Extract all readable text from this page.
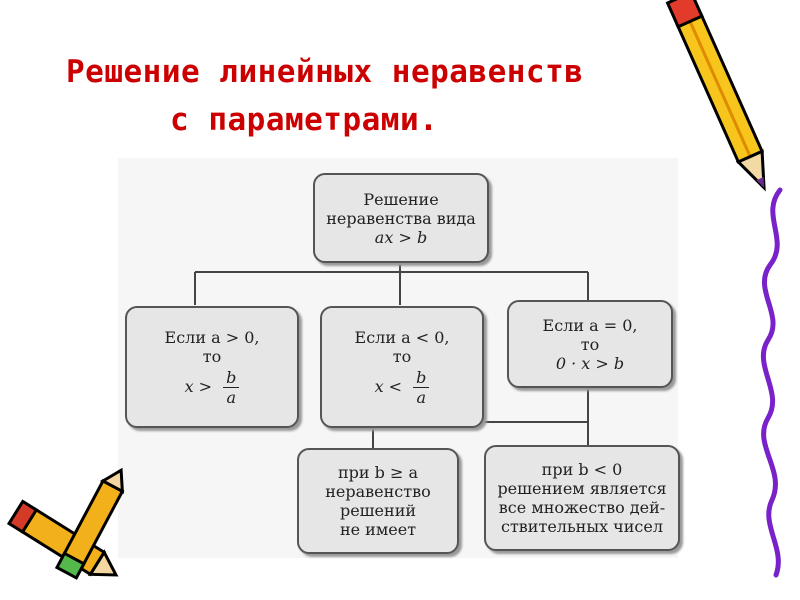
Решение линейных неравенств
с параметрами.
Решение
неравенства вида
ax > b
Если a > 0,
то
$x > \frac{b}{a}$
Если a < 0,
то
$x < \frac{b}{a}$
Если a = 0,
то
0 · x > b
при b ≥ a
неравенство
решений
не имеет
при b < 0
решением является
все множество дей-
ствительных чисел
